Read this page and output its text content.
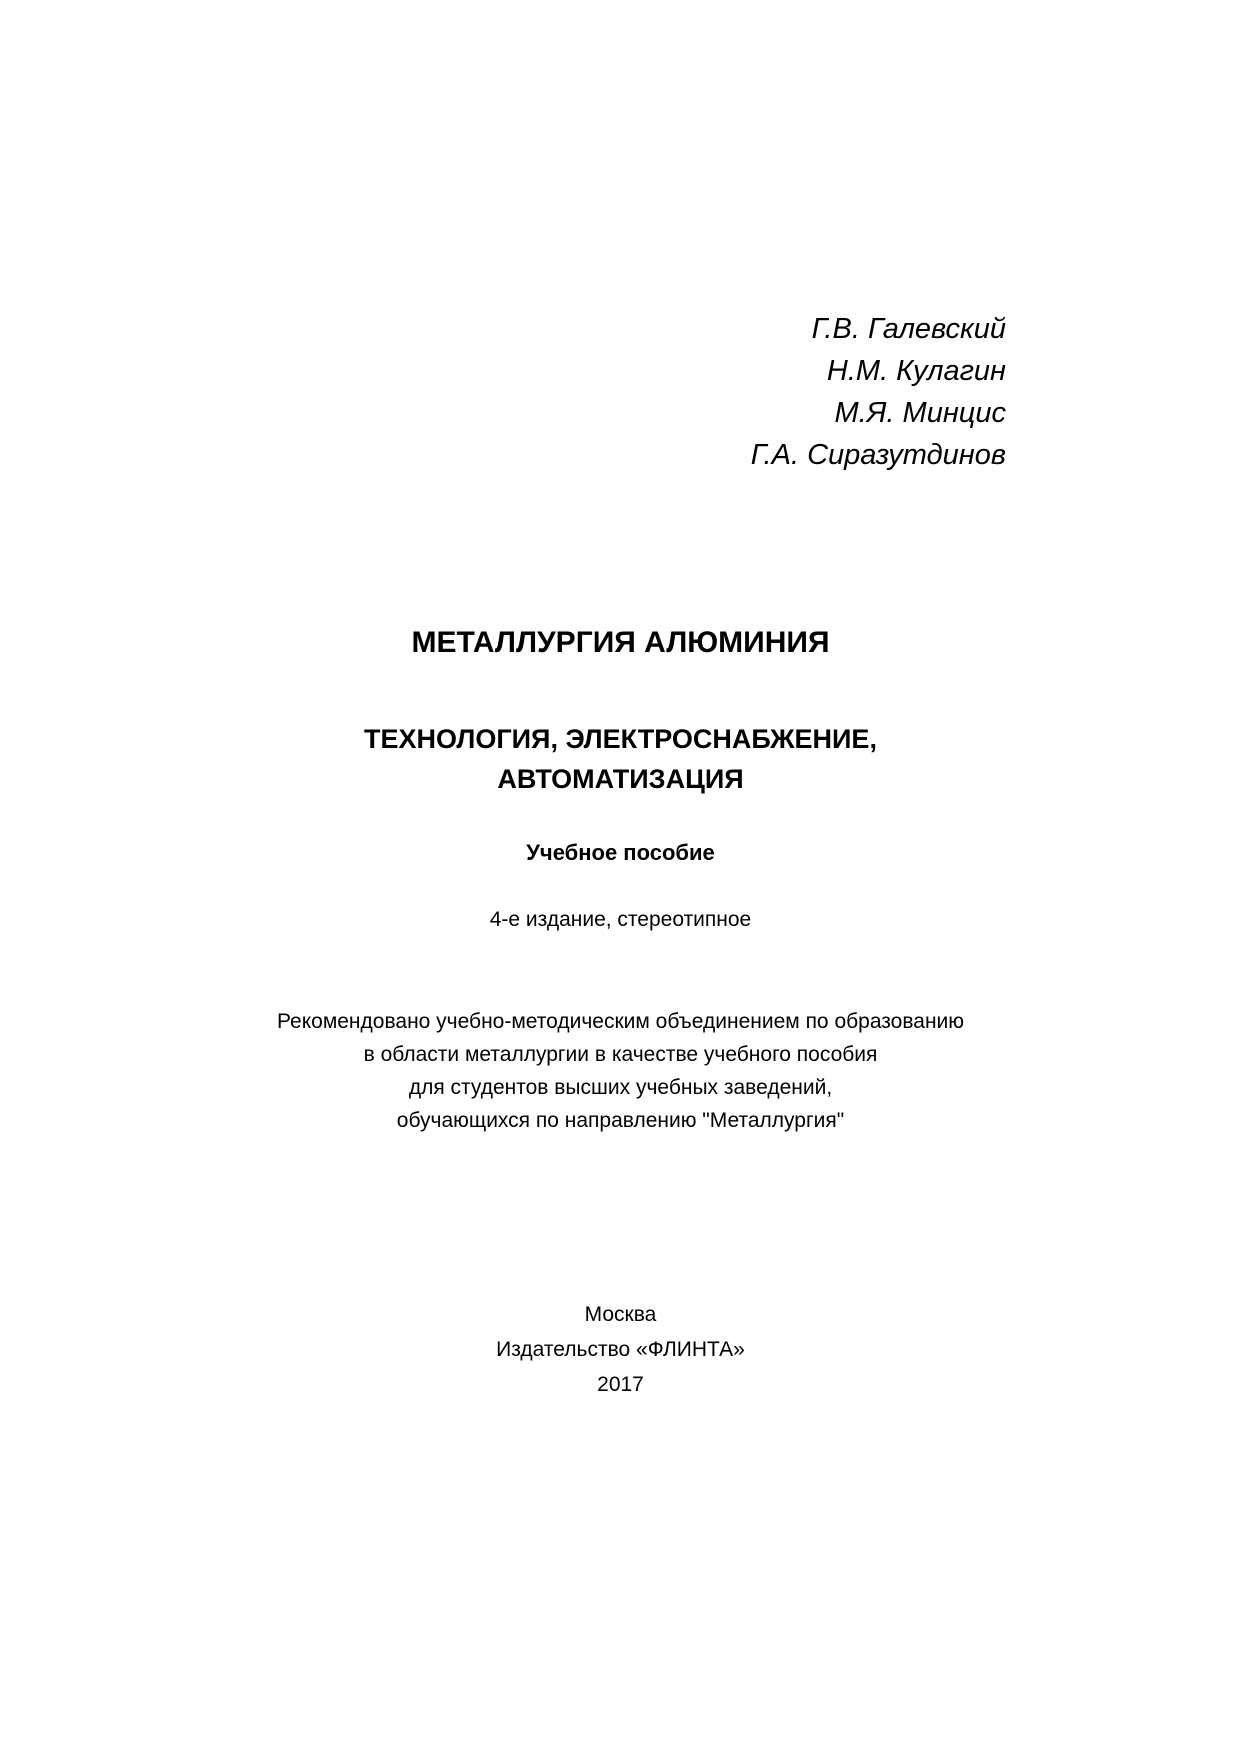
Г.В. Галевский
Н.М. Кулагин
М.Я. Минцис
Г.А. Сиразутдинов
МЕТАЛЛУРГИЯ АЛЮМИНИЯ
ТЕХНОЛОГИЯ, ЭЛЕКТРОСНАБЖЕНИЕ,
АВТОМАТИЗАЦИЯ
Учебное пособие
4-е издание, стереотипное
Рекомендовано учебно-методическим объединением по образованию
в области металлургии в качестве учебного пособия
для студентов высших учебных заведений,
обучающихся по направлению "Металлургия"
Москва
Издательство «ФЛИНТА»
2017
